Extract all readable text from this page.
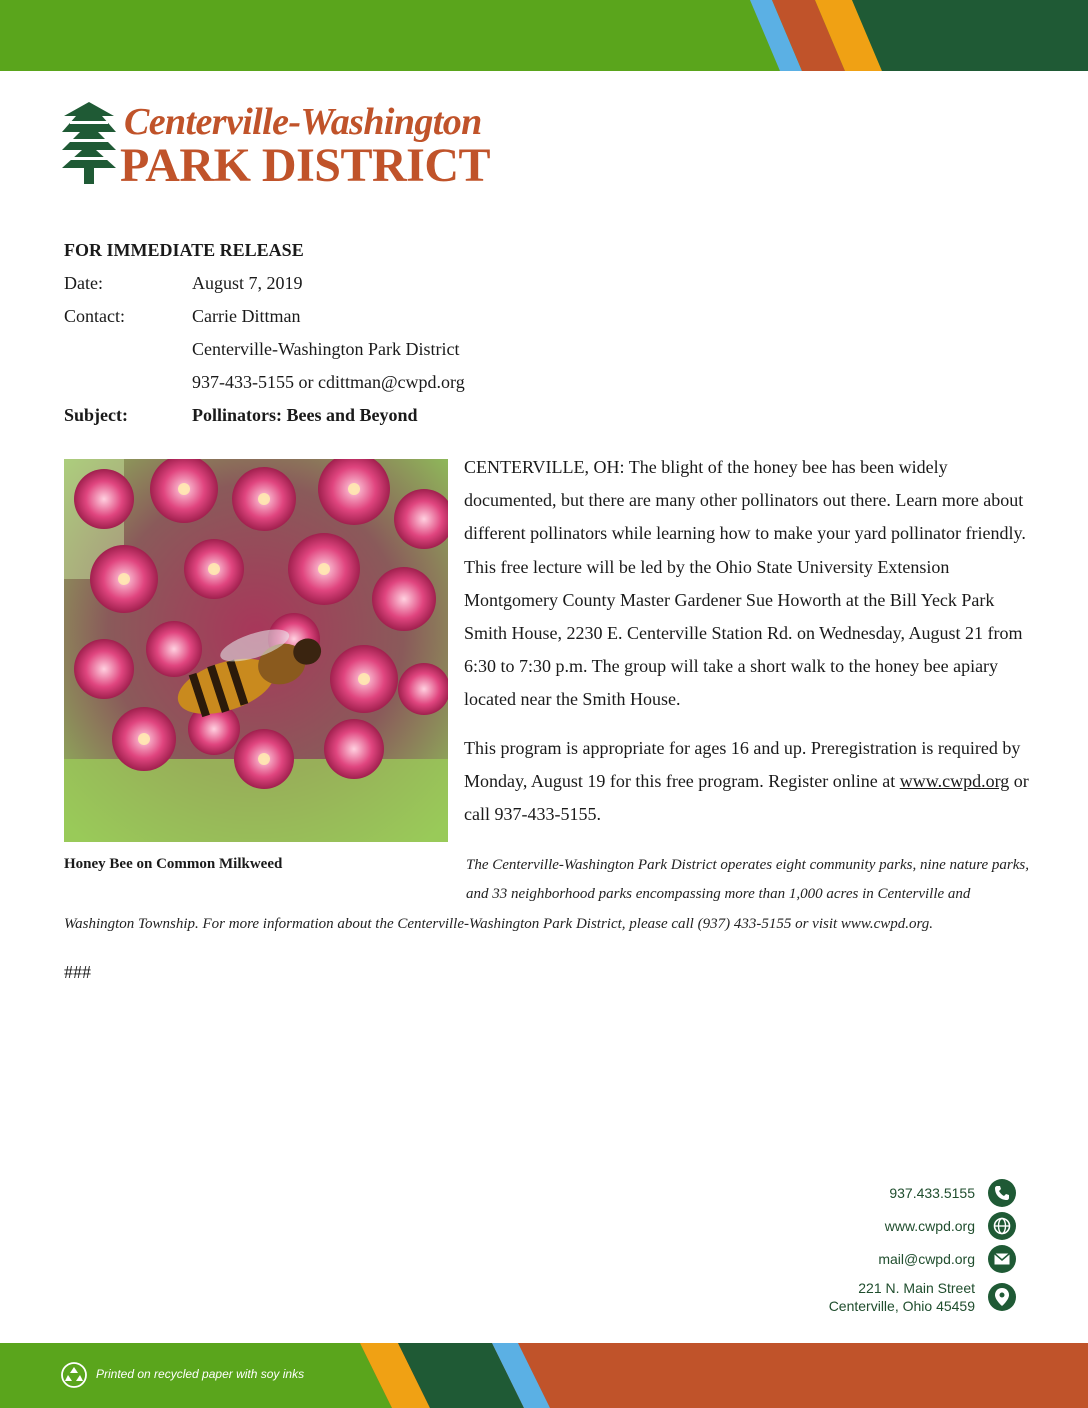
Centerville-Washington
PARK DISTRICT
FOR IMMEDIATE RELEASE
Date:	August 7, 2019
Contact:	Carrie Dittman
Centerville-Washington Park District
937-433-5155 or cdittman@cwpd.org
Subject:	Pollinators: Bees and Beyond
Honey Bee on Common Milkweed

CENTERVILLE, OH: The blight of the honey bee has been widely documented, but there are many other pollinators out there. Learn more about different pollinators while learning how to make your yard pollinator friendly. This free lecture will be led by the Ohio State University Extension Montgomery County Master Gardener Sue Howorth at the Bill Yeck Park Smith House, 2230 E. Centerville Station Rd. on Wednesday, August 21 from 6:30 to 7:30 p.m. The group will take a short walk to the honey bee apiary located near the Smith House.

This program is appropriate for ages 16 and up. Preregistration is required by Monday, August 19 for this free program. Register online at www.cwpd.org or call 937-433-5155.

The Centerville-Washington Park District operates eight community parks, nine nature parks,
and 33 neighborhood parks encompassing more than 1,000 acres in Centerville and
Washington Township. For more information about the Centerville-Washington Park District, please call (937) 433-5155 or visit www.cwpd.org.
###
937.433.5155
www.cwpd.org
mail@cwpd.org
221 N. Main Street
Centerville, Ohio 45459
Printed on recycled paper with soy inks
